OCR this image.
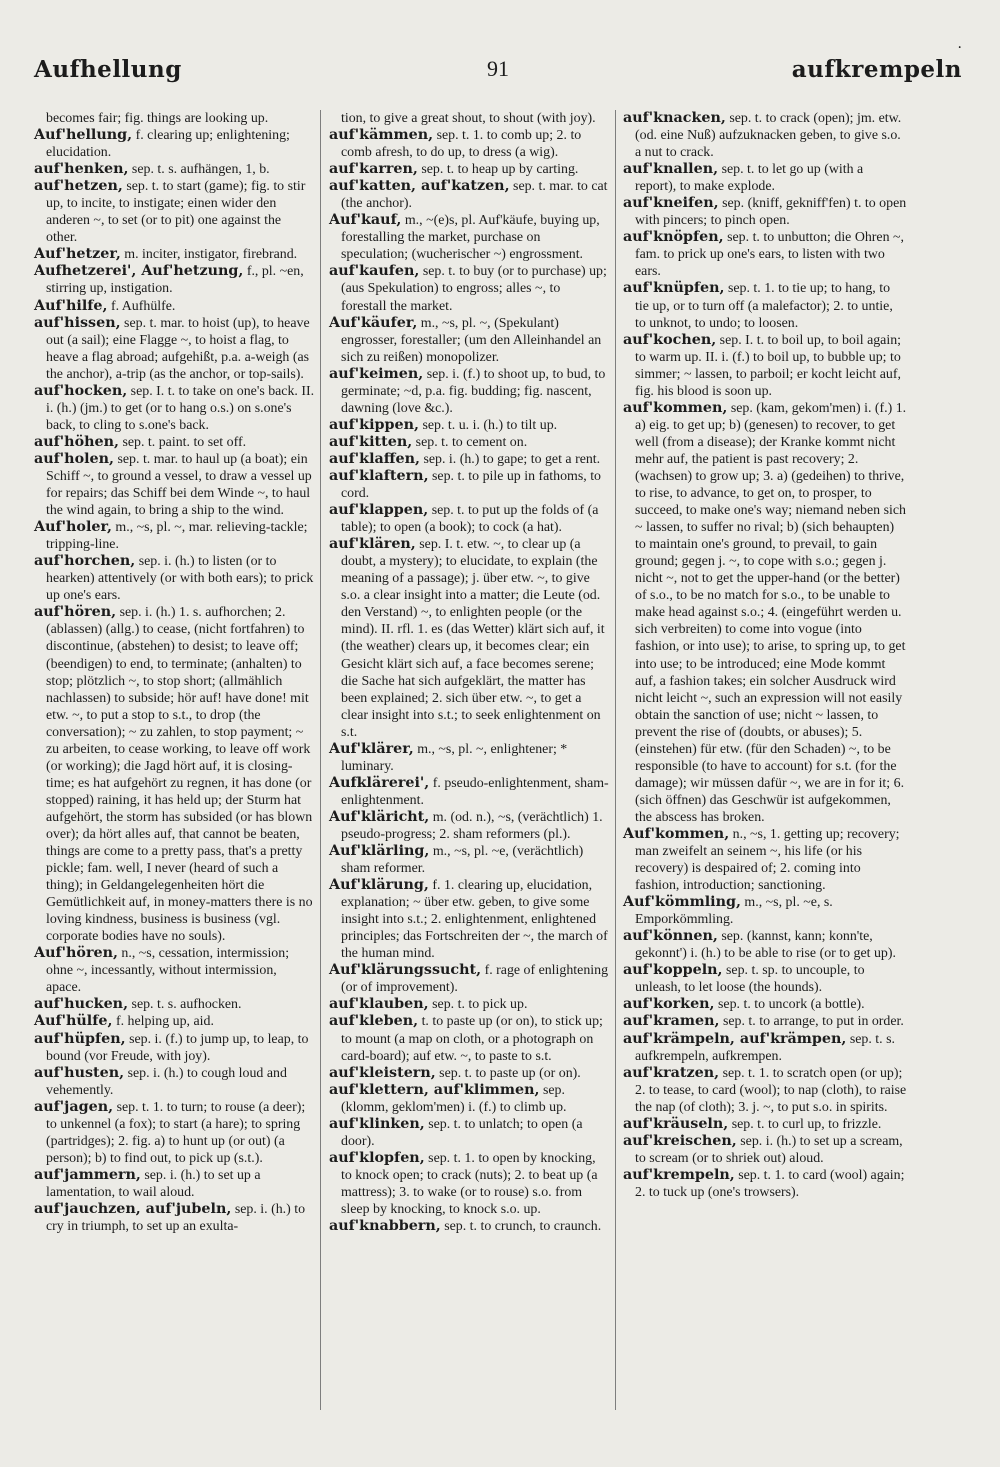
Aufhellung	91
·
aufkrempeln

becomes fair; fig. things are looking up.

Auf'hellung, f. clearing up; enlightening; elucidation.

auf'henken, sep. t. s. aufhängen, 1, b.

auf'hetzen, sep. t. to start (game); fig. to stir up, to incite, to instigate; einen wider den anderen ~, to set (or to pit) one against the other.

Auf'hetzer, m. inciter, instigator, firebrand.

Aufhetzerei', Auf'hetzung, f., pl. ~en, stirring up, instigation.

Auf'hilfe, f. Aufhülfe.

auf'hissen, sep. t. mar. to hoist (up), to heave out (a sail); eine Flagge ~, to hoist a flag, to heave a flag abroad; aufgehißt, p.a. a-weigh (as the anchor), a-trip (as the anchor, or top-sails).

auf'hocken, sep. I. t. to take on one's back. II. i. (h.) (jm.) to get (or to hang o.s.) on s.one's back, to cling to s.one's back.

auf'höhen, sep. t. paint. to set off.

auf'holen, sep. t. mar. to haul up (a boat); ein Schiff ~, to ground a vessel, to draw a vessel up for repairs; das Schiff bei dem Winde ~, to haul the wind again, to bring a ship to the wind.

Auf'holer, m., ~s, pl. ~, mar. relieving-tackle; tripping-line.

auf'horchen, sep. i. (h.) to listen (or to hearken) attentively (or with both ears); to prick up one's ears.

auf'hören, sep. i. (h.) 1. s. aufhorchen; 2. (ablassen) (allg.) to cease, (nicht fortfahren) to discontinue, (abstehen) to desist; to leave off; (beendigen) to end, to terminate; (anhalten) to stop; plötzlich ~, to stop short; (allmählich nachlassen) to subside; hör auf! have done! mit etw. ~, to put a stop to s.t., to drop (the conversation); ~ zu zahlen, to stop payment; ~ zu arbeiten, to cease working, to leave off work (or working); die Jagd hört auf, it is closing-time; es hat aufgehört zu regnen, it has done (or stopped) raining, it has held up; der Sturm hat aufgehört, the storm has subsided (or has blown over); da hört alles auf, that cannot be beaten, things are come to a pretty pass, that's a pretty pickle; fam. well, I never (heard of such a thing); in Geldangelegenheiten hört die Gemütlichkeit auf, in money-matters there is no loving kindness, business is business (vgl. corporate bodies have no souls).

Auf'hören, n., ~s, cessation, intermission; ohne ~, incessantly, without intermission, apace.

auf'hucken, sep. t. s. aufhocken.

Auf'hülfe, f. helping up, aid.

auf'hüpfen, sep. i. (f.) to jump up, to leap, to bound (vor Freude, with joy).

auf'husten, sep. i. (h.) to cough loud and vehemently.

auf'jagen, sep. t. 1. to turn; to rouse (a deer); to unkennel (a fox); to start (a hare); to spring (partridges); 2. fig. a) to hunt up (or out) (a person); b) to find out, to pick up (s.t.).

auf'jammern, sep. i. (h.) to set up a lamentation, to wail aloud.

auf'jauchzen, auf'jubeln, sep. i. (h.) to cry in triumph, to set up an exulta-

tion, to give a great shout, to shout (with joy).

auf'kämmen, sep. t. 1. to comb up; 2. to comb afresh, to do up, to dress (a wig).

auf'karren, sep. t. to heap up by carting.

auf'katten, auf'katzen, sep. t. mar. to cat (the anchor).

Auf'kauf, m., ~(e)s, pl. Auf'käufe, buying up, forestalling the market, purchase on speculation; (wucherischer ~) engrossment.

auf'kaufen, sep. t. to buy (or to purchase) up; (aus Spekulation) to engross; alles ~, to forestall the market.

Auf'käufer, m., ~s, pl. ~, (Spekulant) engrosser, forestaller; (um den Alleinhandel an sich zu reißen) monopolizer.

auf'keimen, sep. i. (f.) to shoot up, to bud, to germinate; ~d, p.a. fig. budding; fig. nascent, dawning (love &c.).

auf'kippen, sep. t. u. i. (h.) to tilt up.

auf'kitten, sep. t. to cement on.

auf'klaffen, sep. i. (h.) to gape; to get a rent.

auf'klaftern, sep. t. to pile up in fathoms, to cord.

auf'klappen, sep. t. to put up the folds of (a table); to open (a book); to cock (a hat).

auf'klären, sep. I. t. etw. ~, to clear up (a doubt, a mystery); to elucidate, to explain (the meaning of a passage); j. über etw. ~, to give s.o. a clear insight into a matter; die Leute (od. den Verstand) ~, to enlighten people (or the mind). II. rfl. 1. es (das Wetter) klärt sich auf, it (the weather) clears up, it becomes clear; ein Gesicht klärt sich auf, a face becomes serene; die Sache hat sich aufgeklärt, the matter has been explained; 2. sich über etw. ~, to get a clear insight into s.t.; to seek enlightenment on s.t.

Auf'klärer, m., ~s, pl. ~, enlightener; * luminary.

Aufklärerei', f. pseudo-enlightenment, sham-enlightenment.

Auf'kläricht, m. (od. n.), ~s, (verächtlich) 1. pseudo-progress; 2. sham reformers (pl.).

Auf'klärling, m., ~s, pl. ~e, (verächtlich) sham reformer.

Auf'klärung, f. 1. clearing up, elucidation, explanation; ~ über etw. geben, to give some insight into s.t.; 2. enlightenment, enlightened principles; das Fortschreiten der ~, the march of the human mind.

Auf'klärungssucht, f. rage of enlightening (or of improvement).

auf'klauben, sep. t. to pick up.

auf'kleben, t. to paste up (or on), to stick up; to mount (a map on cloth, or a photograph on card-board); auf etw. ~, to paste to s.t.

auf'kleistern, sep. t. to paste up (or on).

auf'klettern, auf'klimmen, sep. (klomm, geklom'men) i. (f.) to climb up.

auf'klinken, sep. t. to unlatch; to open (a door).

auf'klopfen, sep. t. 1. to open by knocking, to knock open; to crack (nuts); 2. to beat up (a mattress); 3. to wake (or to rouse) s.o. from sleep by knocking, to knock s.o. up.

auf'knabbern, sep. t. to crunch, to craunch.

auf'knacken, sep. t. to crack (open); jm. etw. (od. eine Nuß) aufzuknacken geben, to give s.o. a nut to crack.

auf'knallen, sep. t. to let go up (with a report), to make explode.

auf'kneifen, sep. (kniff, gekniff'fen) t. to open with pincers; to pinch open.

auf'knöpfen, sep. t. to unbutton; die Ohren ~, fam. to prick up one's ears, to listen with two ears.

auf'knüpfen, sep. t. 1. to tie up; to hang, to tie up, or to turn off (a malefactor); 2. to untie, to unknot, to undo; to loosen.

auf'kochen, sep. I. t. to boil up, to boil again; to warm up. II. i. (f.) to boil up, to bubble up; to simmer; ~ lassen, to parboil; er kocht leicht auf, fig. his blood is soon up.

auf'kommen, sep. (kam, gekom'men) i. (f.) 1. a) eig. to get up; b) (genesen) to recover, to get well (from a disease); der Kranke kommt nicht mehr auf, the patient is past recovery; 2. (wachsen) to grow up; 3. a) (gedeihen) to thrive, to rise, to advance, to get on, to prosper, to succeed, to make one's way; niemand neben sich ~ lassen, to suffer no rival; b) (sich behaupten) to maintain one's ground, to prevail, to gain ground; gegen j. ~, to cope with s.o.; gegen j. nicht ~, not to get the upper-hand (or the better) of s.o., to be no match for s.o., to be unable to make head against s.o.; 4. (eingeführt werden u. sich verbreiten) to come into vogue (into fashion, or into use); to arise, to spring up, to get into use; to be introduced; eine Mode kommt auf, a fashion takes; ein solcher Ausdruck wird nicht leicht ~, such an expression will not easily obtain the sanction of use; nicht ~ lassen, to prevent the rise of (doubts, or abuses); 5. (einstehen) für etw. (für den Schaden) ~, to be responsible (to have to account) for s.t. (for the damage); wir müssen dafür ~, we are in for it; 6. (sich öffnen) das Geschwür ist aufgekommen, the abscess has broken.

Auf'kommen, n., ~s, 1. getting up; recovery; man zweifelt an seinem ~, his life (or his recovery) is despaired of; 2. coming into fashion, introduction; sanctioning.

Auf'kömmling, m., ~s, pl. ~e, s. Emporkömmling.

auf'können, sep. (kannst, kann; konn'te, gekonnt') i. (h.) to be able to rise (or to get up).

auf'koppeln, sep. t. sp. to uncouple, to unleash, to let loose (the hounds).

auf'korken, sep. t. to uncork (a bottle).

auf'kramen, sep. t. to arrange, to put in order.

auf'krämpeln, auf'krämpen, sep. t. s. aufkrempeln, aufkrempen.

auf'kratzen, sep. t. 1. to scratch open (or up); 2. to tease, to card (wool); to nap (cloth), to raise the nap (of cloth); 3. j. ~, to put s.o. in spirits.

auf'kräuseln, sep. t. to curl up, to frizzle.

auf'kreischen, sep. i. (h.) to set up a scream, to scream (or to shriek out) aloud.

auf'krempeln, sep. t. 1. to card (wool) again; 2. to tuck up (one's trowsers).
